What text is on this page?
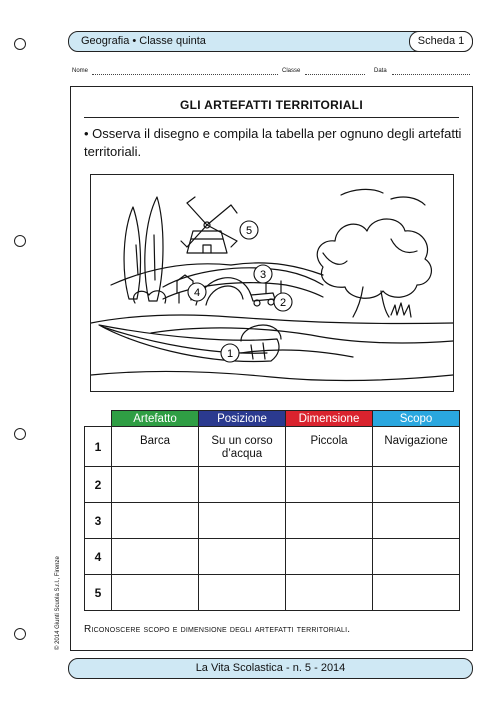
Geografia • Classe quinta	Scheda 1
Nome	Classe	Data
GLI ARTEFATTI TERRITORIALI
• Osserva il disegno e compila la tabella per ognuno degli artefatti territoriali.
1
2
3
4
5
	Artefatto	Posizione	Dimensione	Scopo
1	Barca	Su un corso d’acqua	Piccola	Navigazione
2				
3				
4				
5				
Riconoscere scopo e dimensione degli artefatti territoriali.
© 2014 Giunti Scuola S.r.l., Firenze
La Vita Scolastica - n. 5 - 2014
